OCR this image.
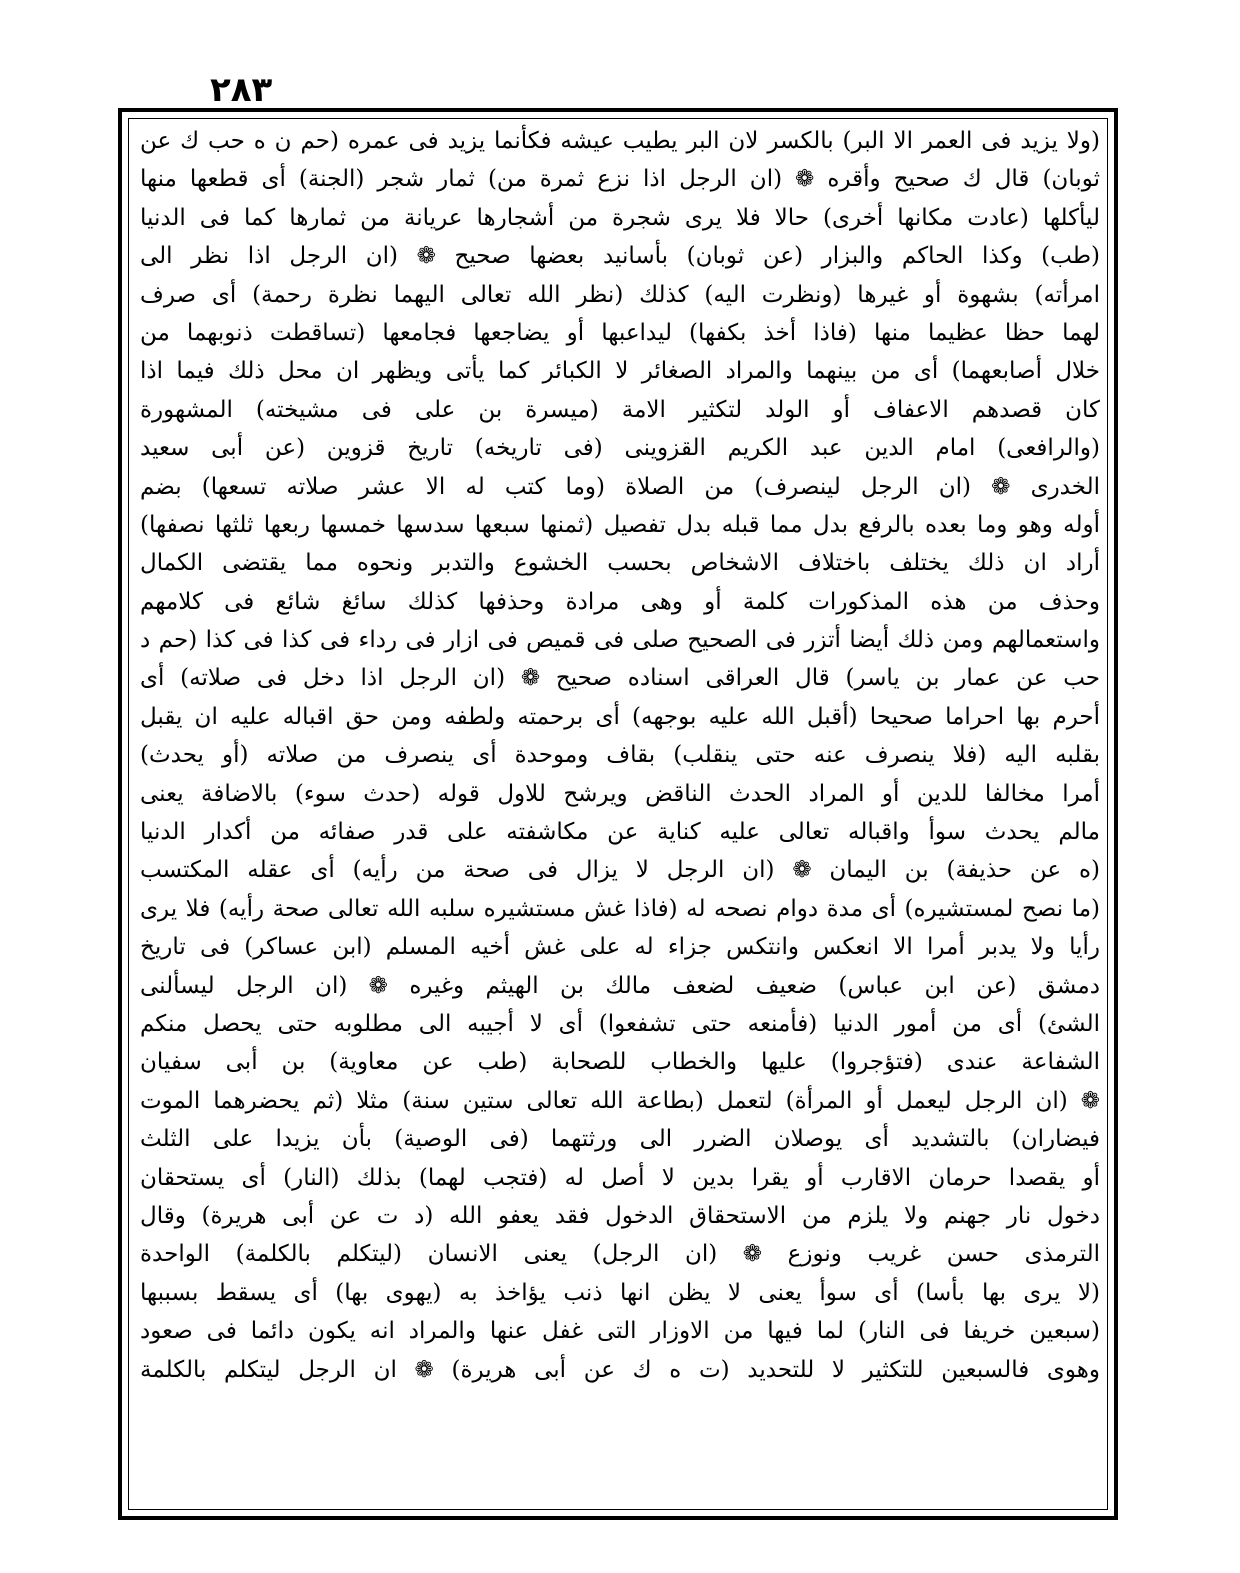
٢٨٣
(ولا يزيد فى العمر الا البر) بالكسر لان البر يطيب عيشه فكأنما يزيد فى عمره (حم ن ه حب ك عن
ثوبان) قال ك صحيح وأقره ❁ (ان الرجل اذا نزع ثمرة من) ثمار شجر (الجنة) أى قطعها منها
ليأكلها (عادت مكانها أخرى) حالا فلا يرى شجرة من أشجارها عريانة من ثمارها كما فى الدنيا
(طب) وكذا الحاكم والبزار (عن ثوبان) بأسانيد بعضها صحيح ❁ (ان الرجل اذا نظر الى
امرأته) بشهوة أو غيرها (ونظرت اليه) كذلك (نظر الله تعالى اليهما نظرة رحمة) أى صرف
لهما حظا عظيما منها (فاذا أخذ بكفها) ليداعبها أو يضاجعها فجامعها (تساقطت ذنوبهما من
خلال أصابعهما) أى من بينهما والمراد الصغائر لا الكبائر كما يأتى ويظهر ان محل ذلك فيما اذا
كان قصدهم الاعفاف أو الولد لتكثير الامة (ميسرة بن على فى مشيخته) المشهورة
(والرافعى) امام الدين عبد الكريم القزوينى (فى تاريخه) تاريخ قزوين (عن أبى سعيد
الخدرى ❁ (ان الرجل لينصرف) من الصلاة (وما كتب له الا عشر صلاته تسعها) بضم
أوله وهو وما بعده بالرفع بدل مما قبله بدل تفصيل (ثمنها سبعها سدسها خمسها ربعها ثلثها نصفها)
أراد ان ذلك يختلف باختلاف الاشخاص بحسب الخشوع والتدبر ونحوه مما يقتضى الكمال
وحذف من هذه المذكورات كلمة أو وهى مرادة وحذفها كذلك سائغ شائع فى كلامهم
واستعمالهم ومن ذلك أيضا أتزر فى الصحيح صلى فى قميص فى ازار فى رداء فى كذا فى كذا (حم د
حب عن عمار بن ياسر) قال العراقى اسناده صحيح ❁ (ان الرجل اذا دخل فى صلاته) أى
أحرم بها احراما صحيحا (أقبل الله عليه بوجهه) أى برحمته ولطفه ومن حق اقباله عليه ان يقبل
بقلبه اليه (فلا ينصرف عنه حتى ينقلب) بقاف وموحدة أى ينصرف من صلاته (أو يحدث)
أمرا مخالفا للدين أو المراد الحدث الناقض ويرشح للاول قوله (حدث سوء) بالاضافة يعنى
مالم يحدث سوأ واقباله تعالى عليه كناية عن مكاشفته على قدر صفائه من أكدار الدنيا
(ه عن حذيفة) بن اليمان ❁ (ان الرجل لا يزال فى صحة من رأيه) أى عقله المكتسب
(ما نصح لمستشيره) أى مدة دوام نصحه له (فاذا غش مستشيره سلبه الله تعالى صحة رأيه) فلا يرى
رأيا ولا يدبر أمرا الا انعكس وانتكس جزاء له على غش أخيه المسلم (ابن عساكر) فى تاريخ
دمشق (عن ابن عباس) ضعيف لضعف مالك بن الهيثم وغيره ❁ (ان الرجل ليسألنى
الشئ) أى من أمور الدنيا (فأمنعه حتى تشفعوا) أى لا أجيبه الى مطلوبه حتى يحصل منكم
الشفاعة عندى (فتؤجروا) عليها والخطاب للصحابة (طب عن معاوية) بن أبى سفيان
❁ (ان الرجل ليعمل أو المرأة) لتعمل (بطاعة الله تعالى ستين سنة) مثلا (ثم يحضرهما الموت
فيضاران) بالتشديد أى يوصلان الضرر الى ورثتهما (فى الوصية) بأن يزيدا على الثلث
أو يقصدا حرمان الاقارب أو يقرا بدين لا أصل له (فتجب لهما) بذلك (النار) أى يستحقان
دخول نار جهنم ولا يلزم من الاستحقاق الدخول فقد يعفو الله (د ت عن أبى هريرة) وقال
الترمذى حسن غريب ونوزع ❁ (ان الرجل) يعنى الانسان (ليتكلم بالكلمة) الواحدة
(لا يرى بها بأسا) أى سوأ يعنى لا يظن انها ذنب يؤاخذ به (يهوى بها) أى يسقط بسببها
(سبعين خريفا فى النار) لما فيها من الاوزار التى غفل عنها والمراد انه يكون دائما فى صعود
وهوى فالسبعين للتكثير لا للتحديد (ت ه ك عن أبى هريرة) ❁ ان الرجل ليتكلم بالكلمة
